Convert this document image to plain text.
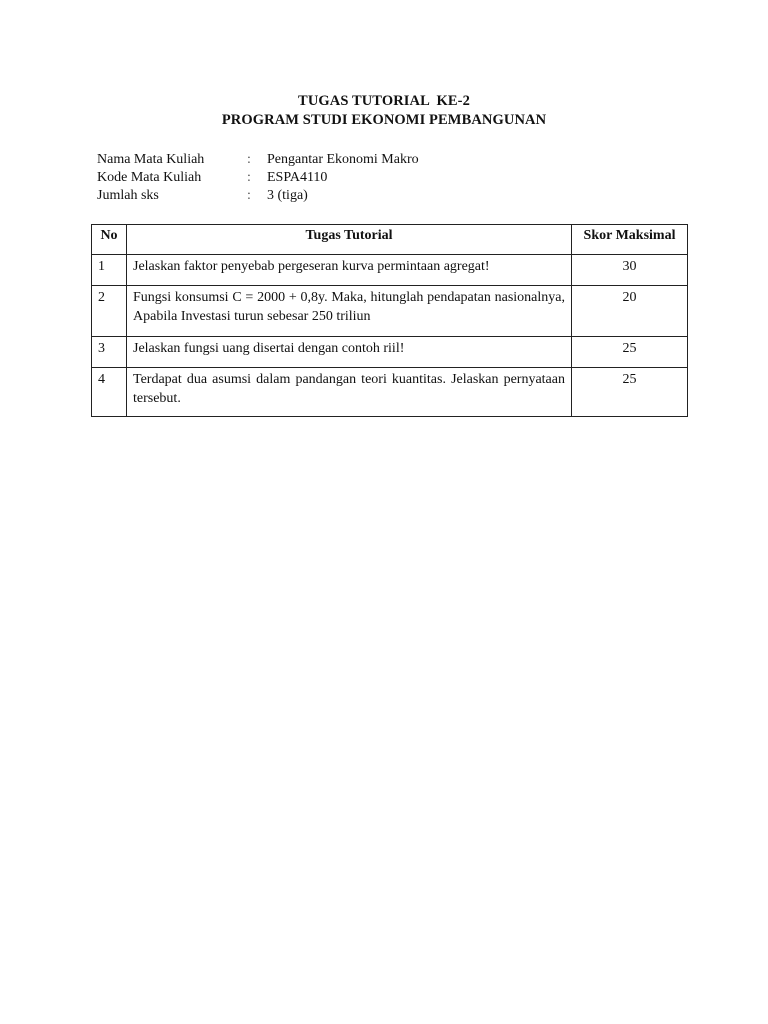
TUGAS TUTORIAL  KE-2
PROGRAM STUDI EKONOMI PEMBANGUNAN
Nama Mata Kuliah	:	Pengantar Ekonomi Makro
Kode Mata Kuliah	:	ESPA4110
Jumlah sks	:	3 (tiga)
No	Tugas Tutorial	Skor Maksimal
1	Jelaskan faktor penyebab pergeseran kurva permintaan agregat!	30
2	Fungsi konsumsi C = 2000 + 0,8y. Maka, hitunglah pendapatan nasionalnya, Apabila Investasi turun sebesar 250 triliun	20
3	Jelaskan fungsi uang disertai dengan contoh riil!	25
4	Terdapat dua asumsi dalam pandangan teori kuantitas. Jelaskan pernyataan tersebut.	25
